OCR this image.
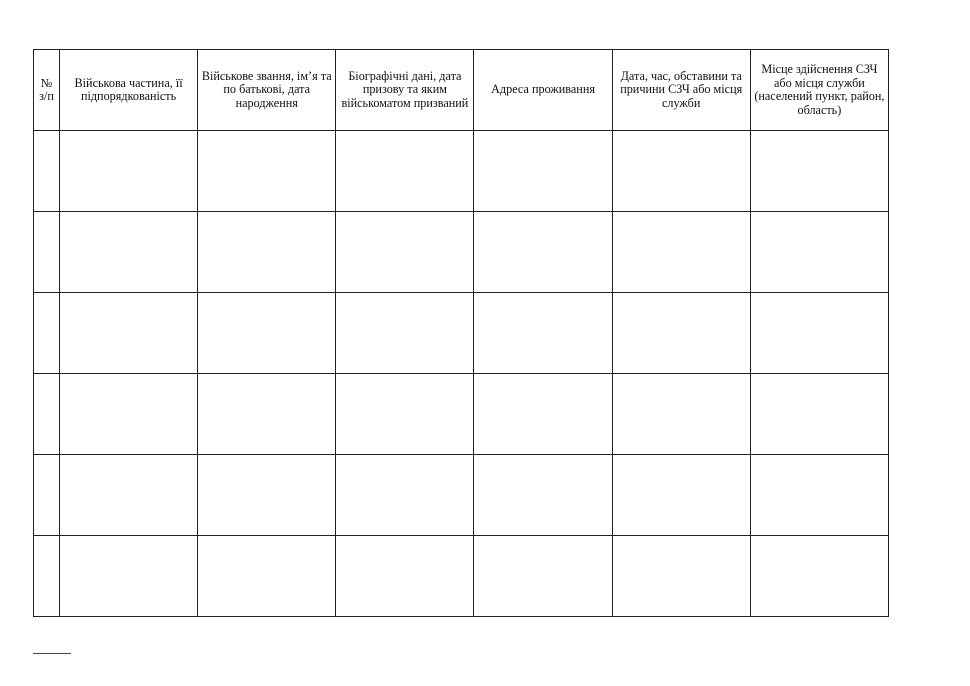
№ з/п	Військова частина, її підпорядкованість	Військове звання, ім’я та по батькові, дата народження	Біографічні дані, дата призову та яким військоматом призваний	Адреса проживання	Дата, час, обставини та причини СЗЧ або місця служби	Місце здійснення СЗЧ або місця служби (населений пункт, район, область)
